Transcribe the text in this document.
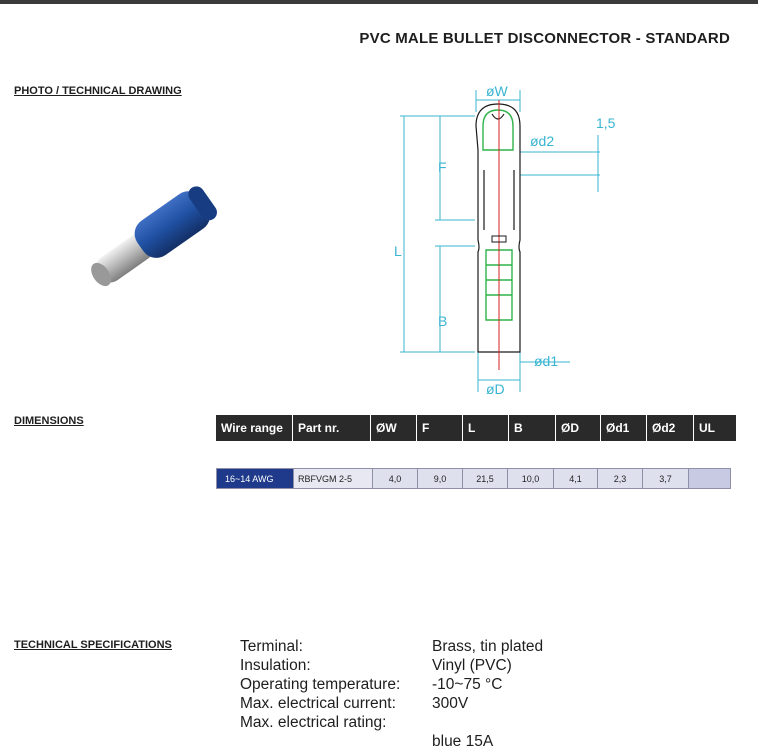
PVC MALE BULLET DISCONNECTOR - STANDARD
PHOTO / TECHNICAL DRAWING
DIMENSIONS
TECHNICAL SPECIFICATIONS
øW
ød2
1,5
F
L
B
ød1
øD
Wire range	Part nr.	ØW	F	L	B	ØD	Ød1	Ød2	UL
16~14 AWG	RBFVGM 2-5	4,0	9,0	21,5	10,0	4,1	2,3	3,7	
Terminal:	Brass, tin plated
Insulation:	Vinyl (PVC)
Operating temperature:	-10~75 °C
Max. electrical current:	300V
Max. electrical rating:

blue 15A
